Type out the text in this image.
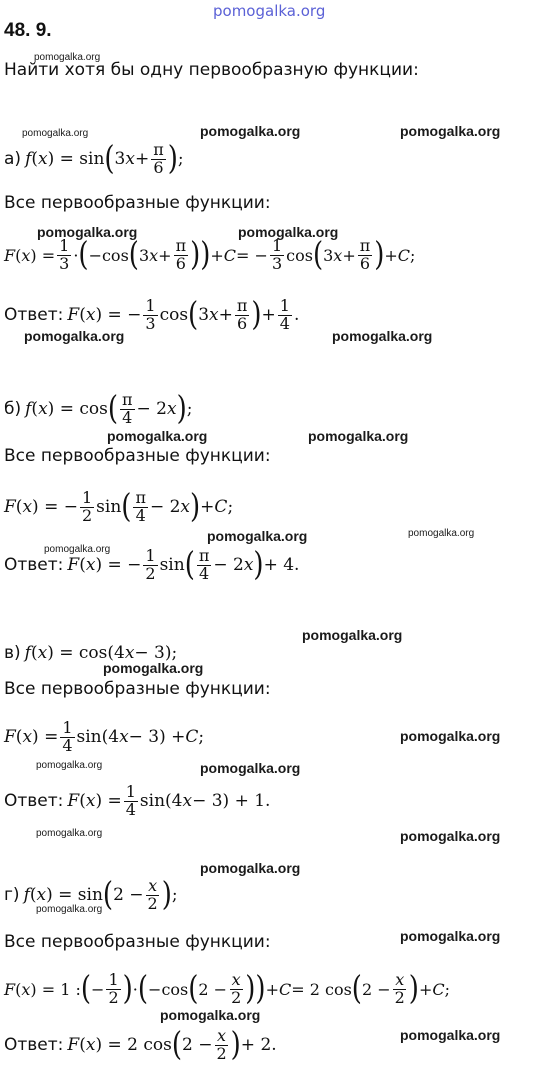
pomogalka.org
48. 9.
pomogalka.org
Найти хотя бы одну первообразную функции:
pomogalka.org	pomogalka.org	pomogalka.org
а) f ( x ) = sin ( 3 $x + \frac{\pi}{6}$ ) ;
Все первообразные функции:
pomogalka.org	pomogalka.org
F ( x ) = $\frac{1}{3}$ · ( −cos ( 3 $x + \frac{\pi}{6}$ )) + C = − $\frac{1}{3}$ cos ( 3 $x + \frac{\pi}{6}$ ) + C ;
Ответ: F ( x ) = − $\frac{1}{3}$ cos ( 3 $x + \frac{\pi}{6}$ ) + $\frac{1}{4}$ .
pomogalka.org	pomogalka.org
б) f ( x ) = cos ( $\frac{\pi}{4} - 2$ x ) ;
pomogalka.org	pomogalka.org
Все первообразные функции:
F ( x ) = − $\frac{1}{2}$ sin ( $\frac{\pi}{4} - 2$ x ) + C ;
pomogalka.org	pomogalka.org
pomogalka.org
Ответ: F ( x ) = − $\frac{1}{2}$ sin ( $\frac{\pi}{4} - 2$ x ) + 4.
pomogalka.org
в) f ( x ) = cos(4 x − 3);
pomogalka.org
Все первообразные функции:
F ( x ) = $\frac{1}{4} \sin(4$ x − 3) + C ;	pomogalka.org
pomogalka.org	pomogalka.org
Ответ: F ( x ) = $\frac{1}{4} \sin(4$ x − 3) + 1.
pomogalka.org	pomogalka.org
pomogalka.org
г) f ( x ) = sin ( $2 - \frac{x}{2}$ ) ;
pomogalka.org
pomogalka.org
Все первообразные функции:
F ( x ) = 1 : ( − $\frac{1}{2}$ ) · ( −cos ( $2 - \frac{x}{2}$ )) + C = 2 cos ( $2 - \frac{x}{2}$ ) + C ;
pomogalka.org
pomogalka.org
Ответ: F ( x ) = 2 cos ( $2 - \frac{x}{2}$ ) + 2.
